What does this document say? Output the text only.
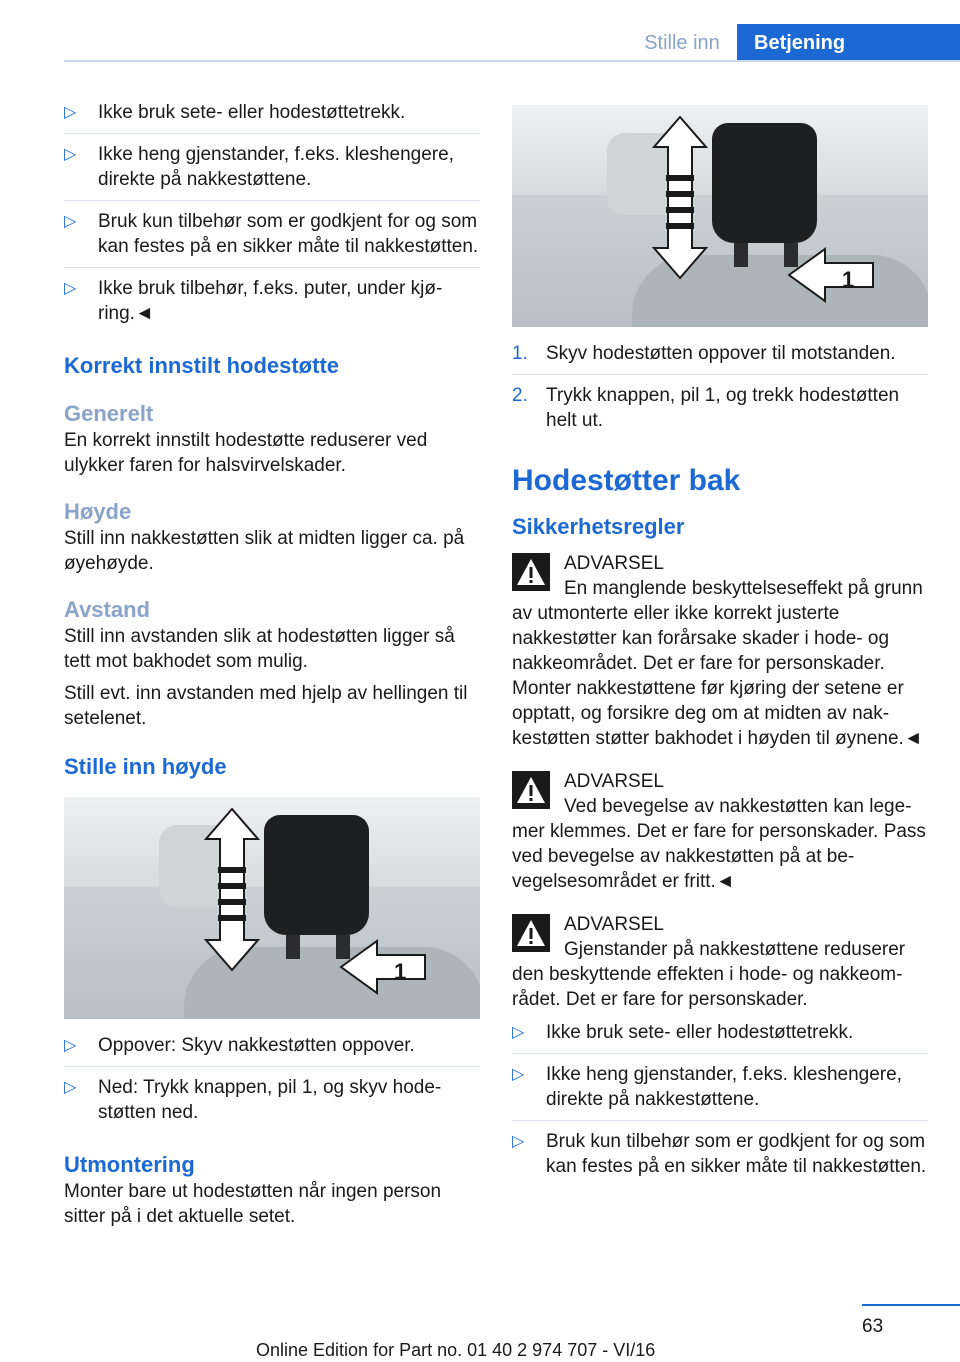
Stille inn	Betjening
▷ Ikke bruk sete- eller hodestøttetrekk.
▷ Ikke heng gjenstander, f.eks. kleshengere, direkte på nakkestøttene.
▷ Bruk kun tilbehør som er godkjent for og som kan festes på en sikker måte til nakkestøtten.
▷ Ikke bruk tilbehør, f.eks. puter, under kjøring.◄
Korrekt innstilt hodestøtte
Generelt

En korrekt innstilt hodestøtte reduserer ved ulykker faren for halsvirvelskader.

Høyde

Still inn nakkestøtten slik at midten ligger ca. på øyehøyde.

Avstand

Still inn avstanden slik at hodestøtten ligger så tett mot bakhodet som mulig.

Still evt. inn avstanden med hjelp av hellingen til setelenet.

Stille inn høyde
1
▷ Oppover: Skyv nakkestøtten oppover.
▷ Ned: Trykk knappen, pil 1, og skyv hodestøtten ned.
Utmontering

Monter bare ut hodestøtten når ingen person sitter på i det aktuelle setet.

1
1. Skyv hodestøtten oppover til motstanden.
2. Trykk knappen, pil 1, og trekk hodestøtten helt ut.
Hodestøtter bak
Sikkerhetsregler
ADVARSEL
En manglende beskyttelseseffekt på grunn av utmonterte eller ikke korrekt justerte nakkestøtter kan forårsake skader i hode- og nakkeområdet. Det er fare for personskader. Monter nakkestøttene før kjøring der setene er opptatt, og forsikre deg om at midten av nakkestøtten støtter bakhodet i høyden til øynene.◄
ADVARSEL
Ved bevegelse av nakkestøtten kan legemer klemmes. Det er fare for personskader. Pass ved bevegelse av nakkestøtten på at bevegelsesområdet er fritt.◄
ADVARSEL
Gjenstander på nakkestøttene reduserer den beskyttende effekten i hode- og nakkeområdet. Det er fare for personskader.
▷ Ikke bruk sete- eller hodestøttetrekk.
▷ Ikke heng gjenstander, f.eks. kleshengere, direkte på nakkestøttene.
▷ Bruk kun tilbehør som er godkjent for og som kan festes på en sikker måte til nakkestøtten.
63
Online Edition for Part no. 01 40 2 974 707 - VI/16
